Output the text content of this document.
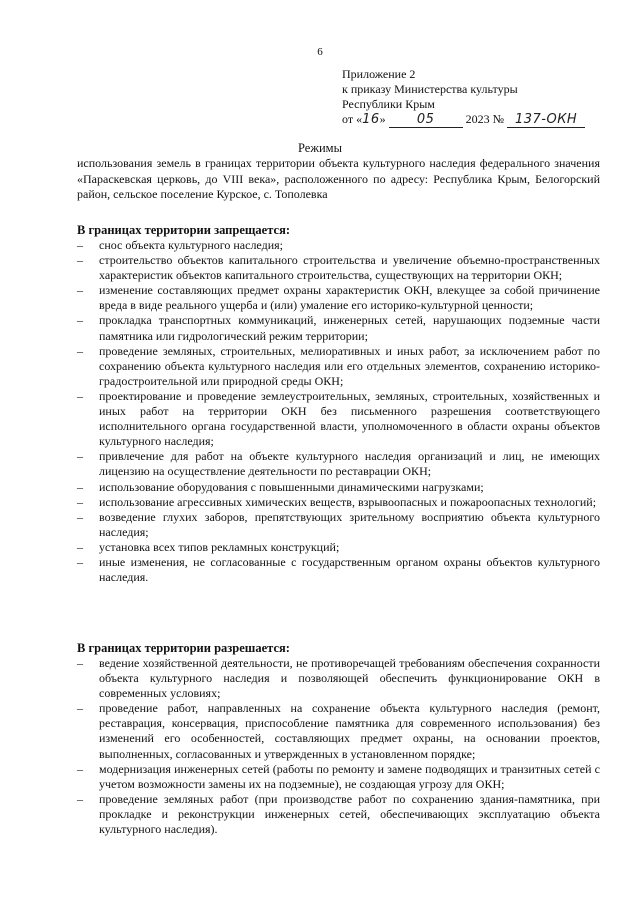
6
Приложение 2
к приказу Министерства культуры
Республики Крым
от «16» 05	2023 № 137-ОКН
Режимы
использования земель в границах территории объекта культурного наследия федерального значения «Параскевская церковь, до VIII века», расположенного по адресу: Республика Крым, Белогорский район, сельское поселение Курское, с. Тополевка
В границах территории запрещается:
– снос объекта культурного наследия;
– строительство объектов капитального строительства и увеличение объемно-пространственных характеристик объектов капитального строительства, существующих на территории ОКН;
– изменение составляющих предмет охраны характеристик ОКН, влекущее за собой причинение вреда в виде реального ущерба и (или) умаление его историко-культурной ценности;
– прокладка транспортных коммуникаций, инженерных сетей, нарушающих подземные части памятника или гидрологический режим территории;
– проведение земляных, строительных, мелиоративных и иных работ, за исключением работ по сохранению объекта культурного наследия или его отдельных элементов, сохранению историко-градостроительной или природной среды ОКН;
– проектирование и проведение землеустроительных, земляных, строительных, хозяйственных и иных работ на территории ОКН без письменного разрешения соответствующего исполнительного органа государственной власти, уполномоченного в области охраны объектов культурного наследия;
– привлечение для работ на объекте культурного наследия организаций и лиц, не имеющих лицензию на осуществление деятельности по реставрации ОКН;
– использование оборудования с повышенными динамическими нагрузками;
– использование агрессивных химических веществ, взрывоопасных и пожароопасных технологий;
– возведение глухих заборов, препятствующих зрительному восприятию объекта культурного наследия;
– установка всех типов рекламных конструкций;
– иные изменения, не согласованные с государственным органом охраны объектов культурного наследия.
В границах территории разрешается:
– ведение хозяйственной деятельности, не противоречащей требованиям обеспечения сохранности объекта культурного наследия и позволяющей обеспечить функционирование ОКН в современных условиях;
– проведение работ, направленных на сохранение объекта культурного наследия (ремонт, реставрация, консервация, приспособление памятника для современного использования) без изменений его особенностей, составляющих предмет охраны, на основании проектов, выполненных, согласованных и утвержденных в установленном порядке;
– модернизация инженерных сетей (работы по ремонту и замене подводящих и транзитных сетей с учетом возможности замены их на подземные), не создающая угрозу для ОКН;
– проведение земляных работ (при производстве работ по сохранению здания-памятника, при прокладке и реконструкции инженерных сетей, обеспечивающих эксплуатацию объекта культурного наследия).
